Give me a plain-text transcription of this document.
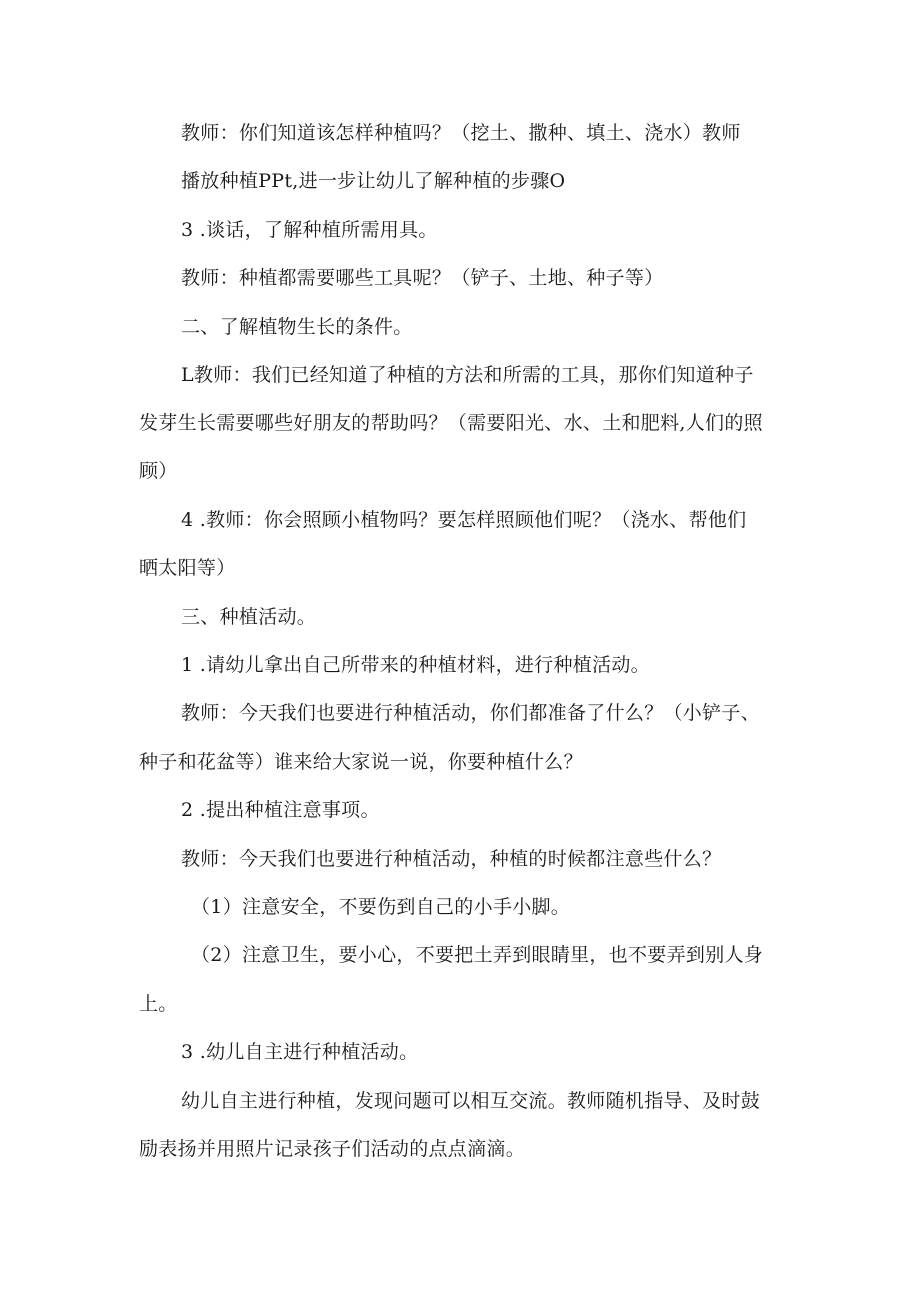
教师：你们知道该怎样种植吗？（挖土、撒种、填土、浇水）教师
播放种植PPt,进一步让幼儿了解种植的步骤O
3 .谈话，了解种植所需用具。
教师：种植都需要哪些工具呢？（铲子、土地、种子等）
二、了解植物生长的条件。
L教师：我们已经知道了种植的方法和所需的工具，那你们知道种子
发芽生长需要哪些好朋友的帮助吗？（需要阳光、水、土和肥料,人们的照
顾）
4 .教师：你会照顾小植物吗？要怎样照顾他们呢？（浇水、帮他们
晒太阳等）
三、种植活动。
1 .请幼儿拿出自己所带来的种植材料，进行种植活动。
教师：今天我们也要进行种植活动，你们都准备了什么？（小铲子、
种子和花盆等）谁来给大家说一说，你要种植什么？
2 .提出种植注意事项。
教师：今天我们也要进行种植活动，种植的时候都注意些什么？
（1）注意安全，不要伤到自己的小手小脚。
（2）注意卫生，要小心，不要把土弄到眼睛里，也不要弄到别人身
上。
3 .幼儿自主进行种植活动。
幼儿自主进行种植，发现问题可以相互交流。教师随机指导、及时鼓
励表扬并用照片记录孩子们活动的点点滴滴。
